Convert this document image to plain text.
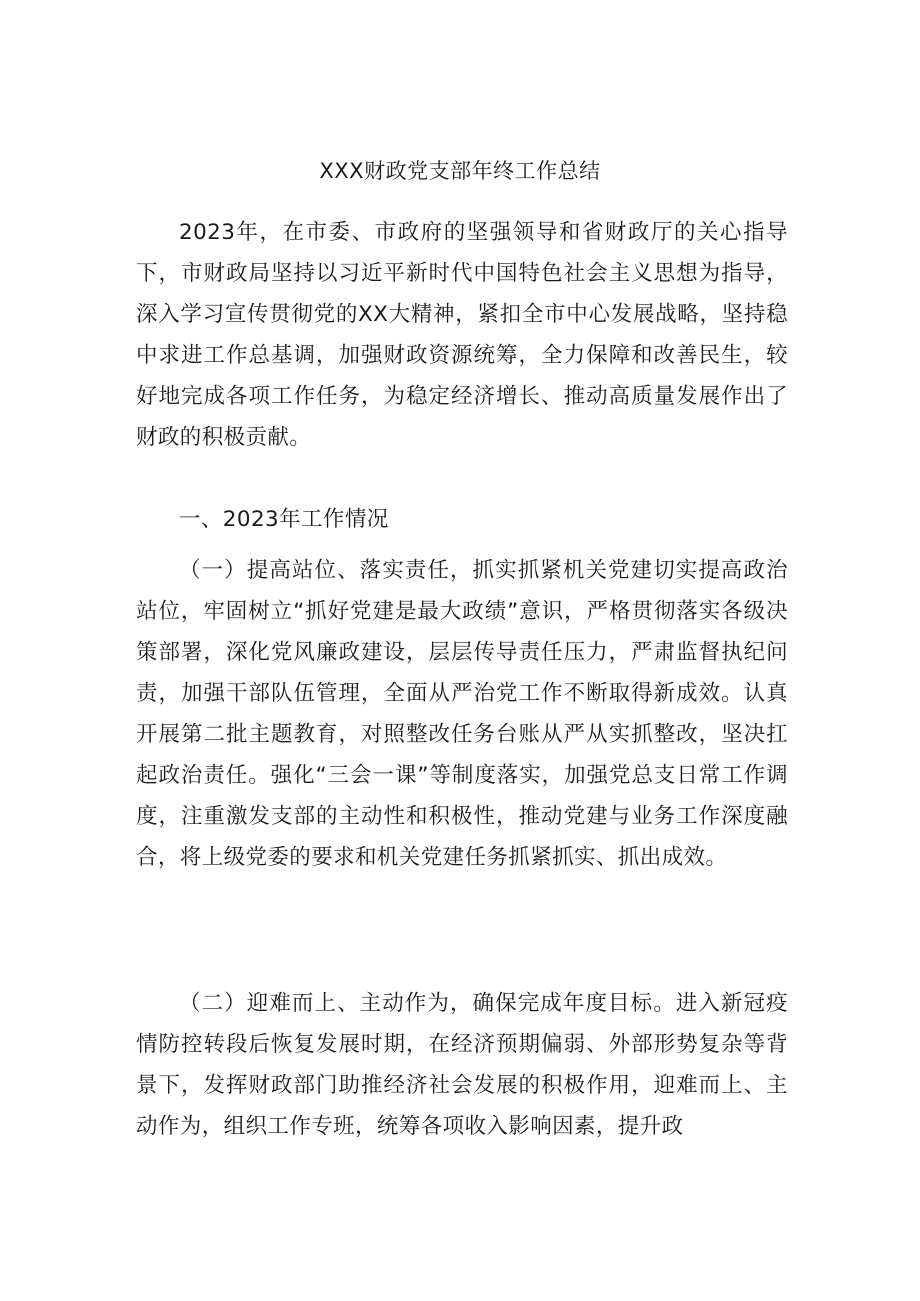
XXX财政党支部年终工作总结

2023年，在市委、市政府的坚强领导和省财政厅的关心指导下，市财政局坚持以习近平新时代中国特色社会主义思想为指导，深入学习宣传贯彻党的XX大精神，紧扣全市中心发展战略，坚持稳中求进工作总基调，加强财政资源统筹，全力保障和改善民生，较好地完成各项工作任务，为稳定经济增长、推动高质量发展作出了财政的积极贡献。

一、2023年工作情况

（一）提高站位、落实责任，抓实抓紧机关党建切实提高政治站位，牢固树立“抓好党建是最大政绩”意识，严格贯彻落实各级决策部署，深化党风廉政建设，层层传导责任压力，严肃监督执纪问责，加强干部队伍管理，全面从严治党工作不断取得新成效。认真开展第二批主题教育，对照整改任务台账从严从实抓整改，坚决扛起政治责任。强化“三会一课”等制度落实，加强党总支日常工作调度，注重激发支部的主动性和积极性，推动党建与业务工作深度融合，将上级党委的要求和机关党建任务抓紧抓实、抓出成效。

（二）迎难而上、主动作为，确保完成年度目标。进入新冠疫情防控转段后恢复发展时期，在经济预期偏弱、外部形势复杂等背景下，发挥财政部门助推经济社会发展的积极作用，迎难而上、主动作为，组织工作专班，统筹各项收入影响因素，提升政
